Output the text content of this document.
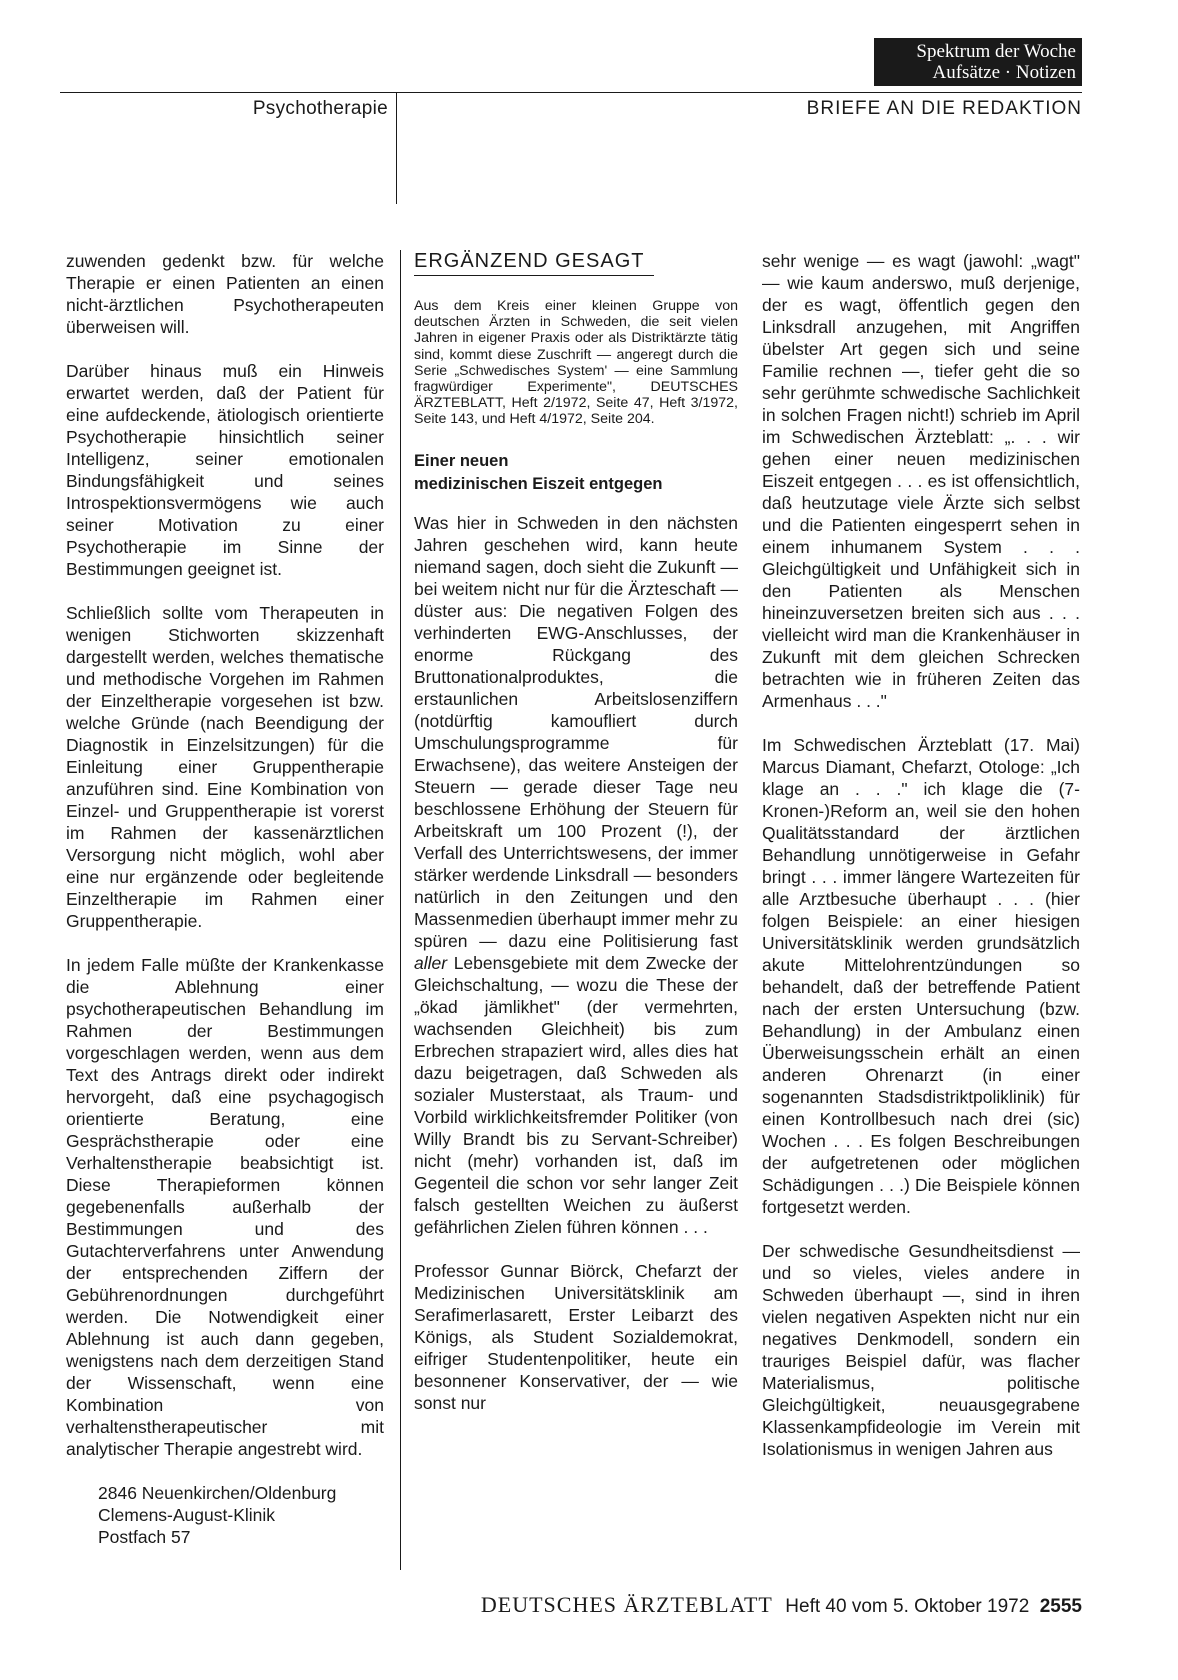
Spektrum der Woche
Aufsätze · Notizen
Psychotherapie	BRIEFE AN DIE REDAKTION

zuwenden gedenkt bzw. für welche Therapie er einen Patienten an einen nicht-ärztlichen Psychotherapeuten überweisen will.

Darüber hinaus muß ein Hinweis erwartet werden, daß der Patient für eine aufdeckende, ätiologisch orientierte Psychotherapie hinsichtlich seiner Intelligenz, seiner emotionalen Bindungsfähigkeit und seines Introspektionsvermögens wie auch seiner Motivation zu einer Psychotherapie im Sinne der Bestimmungen geeignet ist.

Schließlich sollte vom Therapeuten in wenigen Stichworten skizzenhaft dargestellt werden, welches thematische und methodische Vorgehen im Rahmen der Einzeltherapie vorgesehen ist bzw. welche Gründe (nach Beendigung der Diagnostik in Einzelsitzungen) für die Einleitung einer Gruppentherapie anzuführen sind. Eine Kombination von Einzel- und Gruppentherapie ist vorerst im Rahmen der kassenärztlichen Versorgung nicht möglich, wohl aber eine nur ergänzende oder begleitende Einzeltherapie im Rahmen einer Gruppentherapie.

In jedem Falle müßte der Krankenkasse die Ablehnung einer psychotherapeutischen Behandlung im Rahmen der Bestimmungen vorgeschlagen werden, wenn aus dem Text des Antrags direkt oder indirekt hervorgeht, daß eine psychagogisch orientierte Beratung, eine Gesprächstherapie oder eine Verhaltenstherapie beabsichtigt ist. Diese Therapieformen können gegebenenfalls außerhalb der Bestimmungen und des Gutachterverfahrens unter Anwendung der entsprechenden Ziffern der Gebührenordnungen durchgeführt werden. Die Notwendigkeit einer Ablehnung ist auch dann gegeben, wenigstens nach dem derzeitigen Stand der Wissenschaft, wenn eine Kombination von verhaltenstherapeutischer mit analytischer Therapie angestrebt wird.

2846 Neuenkirchen/Oldenburg
Clemens-August-Klinik
Postfach 57
ERGÄNZEND GESAGT

Aus dem Kreis einer kleinen Gruppe von deutschen Ärzten in Schweden, die seit vielen Jahren in eigener Praxis oder als Distriktärzte tätig sind, kommt diese Zuschrift — angeregt durch die Serie „Schwedisches System' — eine Sammlung fragwürdiger Experimente", DEUTSCHES ÄRZTEBLATT, Heft 2/1972, Seite 47, Heft 3/1972, Seite 143, und Heft 4/1972, Seite 204.

Einer neuen
medizinischen Eiszeit entgegen

Was hier in Schweden in den nächsten Jahren geschehen wird, kann heute niemand sagen, doch sieht die Zukunft — bei weitem nicht nur für die Ärzteschaft — düster aus: Die negativen Folgen des verhinderten EWG-Anschlusses, der enorme Rückgang des Bruttonationalproduktes, die erstaunlichen Arbeitslosenziffern (notdürftig kamoufliert durch Umschulungsprogramme für Erwachsene), das weitere Ansteigen der Steuern — gerade dieser Tage neu beschlossene Erhöhung der Steuern für Arbeitskraft um 100 Prozent (!), der Verfall des Unterrichtswesens, der immer stärker werdende Linksdrall — besonders natürlich in den Zeitungen und den Massenmedien überhaupt immer mehr zu spüren — dazu eine Politisierung fast aller Lebensgebiete mit dem Zwecke der Gleichschaltung, — wozu die These der „ökad jämlikhet" (der vermehrten, wachsenden Gleichheit) bis zum Erbrechen strapaziert wird, alles dies hat dazu beigetragen, daß Schweden als sozialer Musterstaat, als Traum- und Vorbild wirklichkeitsfremder Politiker (von Willy Brandt bis zu Servant-Schreiber) nicht (mehr) vorhanden ist, daß im Gegenteil die schon vor sehr langer Zeit falsch gestellten Weichen zu äußerst gefährlichen Zielen führen können . . .

Professor Gunnar Biörck, Chefarzt der Medizinischen Universitätsklinik am Serafimerlasarett, Erster Leibarzt des Königs, als Student Sozialdemokrat, eifriger Studentenpolitiker, heute ein besonnener Konservativer, der — wie sonst nur

sehr wenige — es wagt (jawohl: „wagt" — wie kaum anderswo, muß derjenige, der es wagt, öffentlich gegen den Linksdrall anzugehen, mit Angriffen übelster Art gegen sich und seine Familie rechnen —, tiefer geht die so sehr gerühmte schwedische Sachlichkeit in solchen Fragen nicht!) schrieb im April im Schwedischen Ärzteblatt: „. . . wir gehen einer neuen medizinischen Eiszeit entgegen . . . es ist offensichtlich, daß heutzutage viele Ärzte sich selbst und die Patienten eingesperrt sehen in einem inhumanem System . . . Gleichgültigkeit und Unfähigkeit sich in den Patienten als Menschen hineinzuversetzen breiten sich aus . . . vielleicht wird man die Krankenhäuser in Zukunft mit dem gleichen Schrecken betrachten wie in früheren Zeiten das Armenhaus . . ."

Im Schwedischen Ärzteblatt (17. Mai) Marcus Diamant, Chefarzt, Otologe: „Ich klage an . . ." ich klage die (7-Kronen-)Reform an, weil sie den hohen Qualitätsstandard der ärztlichen Behandlung unnötigerweise in Gefahr bringt . . . immer längere Wartezeiten für alle Arztbesuche überhaupt . . . (hier folgen Beispiele: an einer hiesigen Universitätsklinik werden grundsätzlich akute Mittelohrentzündungen so behandelt, daß der betreffende Patient nach der ersten Untersuchung (bzw. Behandlung) in der Ambulanz einen Überweisungsschein erhält an einen anderen Ohrenarzt (in einer sogenannten Stadsdistriktpoliklinik) für einen Kontrollbesuch nach drei (sic) Wochen . . . Es folgen Beschreibungen der aufgetretenen oder möglichen Schädigungen . . .) Die Beispiele können fortgesetzt werden.

Der schwedische Gesundheitsdienst — und so vieles, vieles andere in Schweden überhaupt —, sind in ihren vielen negativen Aspekten nicht nur ein negatives Denkmodell, sondern ein trauriges Beispiel dafür, was flacher Materialismus, politische Gleichgültigkeit, neuausgegrabene Klassenkampfideologie im Verein mit Isolationismus in wenigen Jahren aus

DEUTSCHES ÄRZTEBLATT Heft 40 vom 5. Oktober 1972 2555
